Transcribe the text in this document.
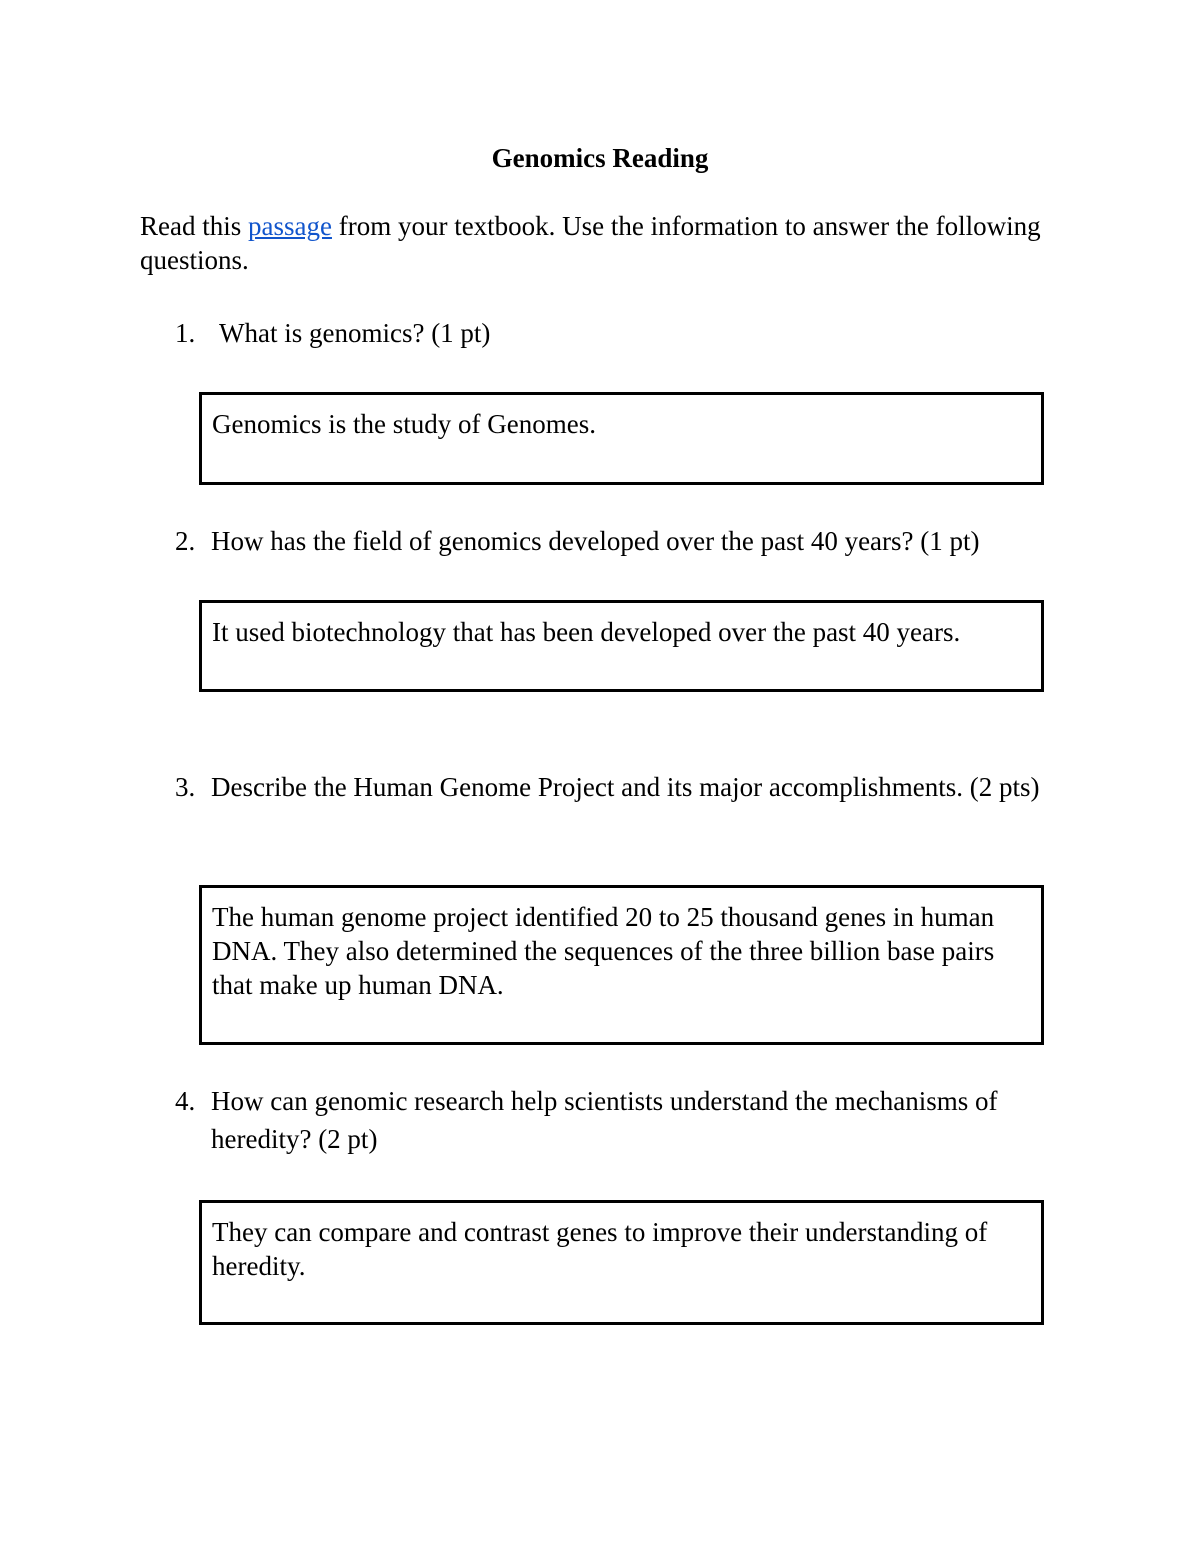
Genomics Reading
Read this passage from your textbook. Use the information to answer the following questions.
1. What is genomics? (1 pt)
Genomics is the study of Genomes.
2. How has the field of genomics developed over the past 40 years? (1 pt)
It used biotechnology that has been developed over the past 40 years.
3. Describe the Human Genome Project and its major accomplishments. (2 pts)
The human genome project identified 20 to 25 thousand genes in human DNA. They also determined the sequences of the three billion base pairs that make up human DNA.
4. How can genomic research help scientists understand the mechanisms of heredity? (2 pt)
They can compare and contrast genes to improve their understanding of heredity.
